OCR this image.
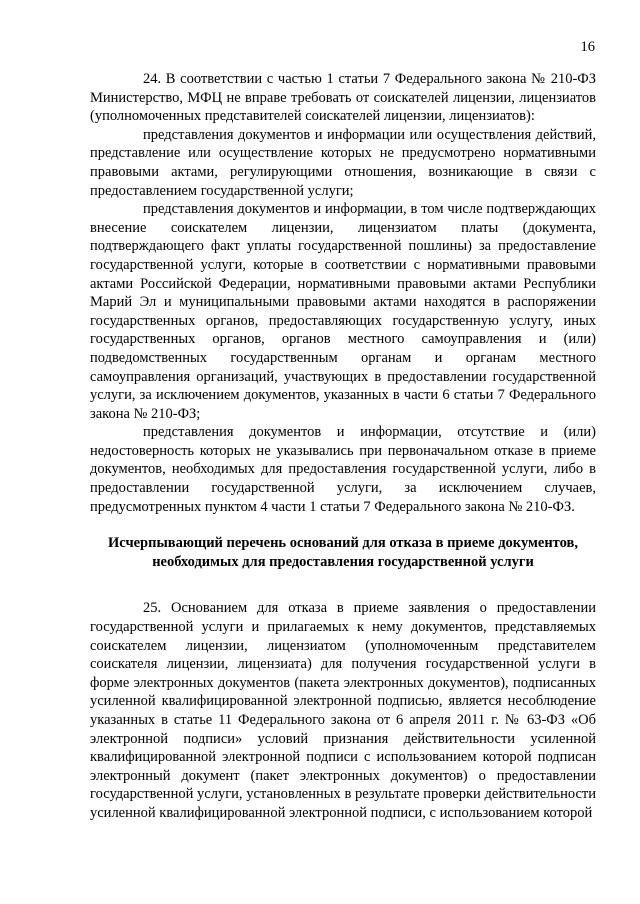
16

24. В соответствии с частью 1 статьи 7 Федерального закона № 210-ФЗ Министерство, МФЦ не вправе требовать от соискателей лицензии, лицензиатов (уполномоченных представителей соискателей лицензии, лицензиатов):

представления документов и информации или осуществления действий, представление или осуществление которых не предусмотрено нормативными правовыми актами, регулирующими отношения, возникающие в связи с предоставлением государственной услуги;

представления документов и информации, в том числе подтверждающих внесение соискателем лицензии, лицензиатом платы (документа, подтверждающего факт уплаты государственной пошлины) за предоставление государственной услуги, которые в соответствии с нормативными правовыми актами Российской Федерации, нормативными правовыми актами Республики Марий Эл и муниципальными правовыми актами находятся в распоряжении государственных органов, предоставляющих государственную услугу, иных государственных органов, органов местного самоуправления и (или) подведомственных государственным органам и органам местного самоуправления организаций, участвующих в предоставлении государственной услуги, за исключением документов, указанных в части 6 статьи 7 Федерального закона № 210-ФЗ;

представления документов и информации, отсутствие и (или) недостоверность которых не указывались при первоначальном отказе в приеме документов, необходимых для предоставления государственной услуги, либо в предоставлении государственной услуги, за исключением случаев, предусмотренных пунктом 4 части 1 статьи 7 Федерального закона № 210-ФЗ.

Исчерпывающий перечень оснований для отказа в приеме документов, необходимых для предоставления государственной услуги

25. Основанием для отказа в приеме заявления о предоставлении государственной услуги и прилагаемых к нему документов, представляемых соискателем лицензии, лицензиатом (уполномоченным представителем соискателя лицензии, лицензиата) для получения государственной услуги в форме электронных документов (пакета электронных документов), подписанных усиленной квалифицированной электронной подписью, является несоблюдение указанных в статье 11 Федерального закона от 6 апреля 2011 г. № 63-ФЗ «Об электронной подписи» условий признания действительности усиленной квалифицированной электронной подписи с использованием которой подписан электронный документ (пакет электронных документов) о предоставлении государственной услуги, установленных в результате проверки действительности усиленной квалифицированной электронной подписи, с использованием которой
